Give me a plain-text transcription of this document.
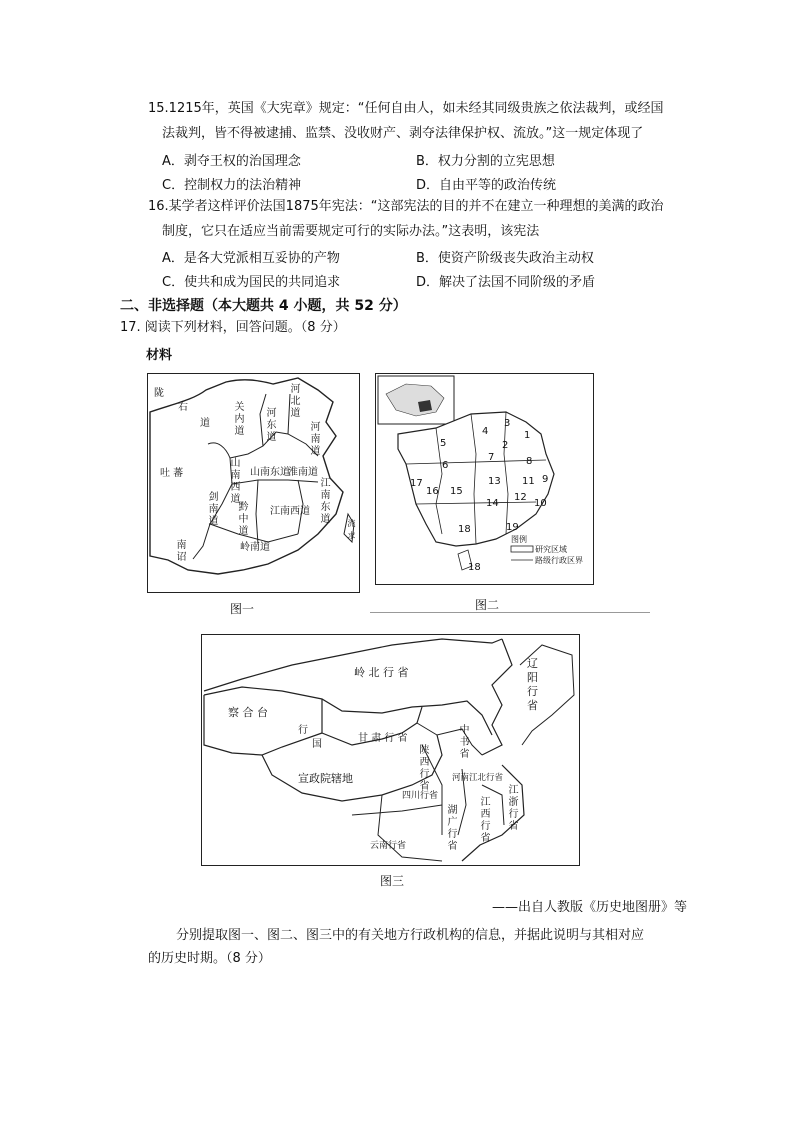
15.1215年，英国《大宪章》规定：“任何自由人，如未经其同级贵族之依法裁判，或经国
法裁判，皆不得被逮捕、监禁、没收财产、剥夺法律保护权、流放。”这一规定体现了
A．剥夺王权的治国理念	B．权力分割的立宪思想
C．控制权力的法治精神	D．自由平等的政治传统
16.某学者这样评价法国1875年宪法：“这部宪法的目的并不在建立一种理想的美满的政治
制度，它只在适应当前需要规定可行的实际办法。”这表明，该宪法
A．是各大党派相互妥协的产物	B．使资产阶级丧失政治主动权
C．使共和成为国民的共同追求	D．解决了法国不同阶级的矛盾
二、非选择题（本大题共 4 小题，共 52 分）
17. 阅读下列材料，回答问题。（8 分）
材料
陇
右
道
吐 蕃
剑南道
南诏
岭南道
关内道
河东道
河北道
河南道
山南西道
山南东道
淮南道
黔中道
江南西道
江南东道 流求
图一
1
2
3
4
5
6
7	8
9
10
11
12
13
14
15
16
17
18	19
18
图例
研究区域
路级行政区界
图二
岭 北 行 省
辽阳行省
察 合 台
行
国
甘 肃 行 省
中书省
陕西行省
河南江北行省
宣政院辖地
四川行省	江浙行省
江西行省
湖广行省
云南行省
图三
——出自人教版《历史地图册》等
分别提取图一、图二、图三中的有关地方行政机构的信息，并据此说明与其相对应
的历史时期。（8 分）
